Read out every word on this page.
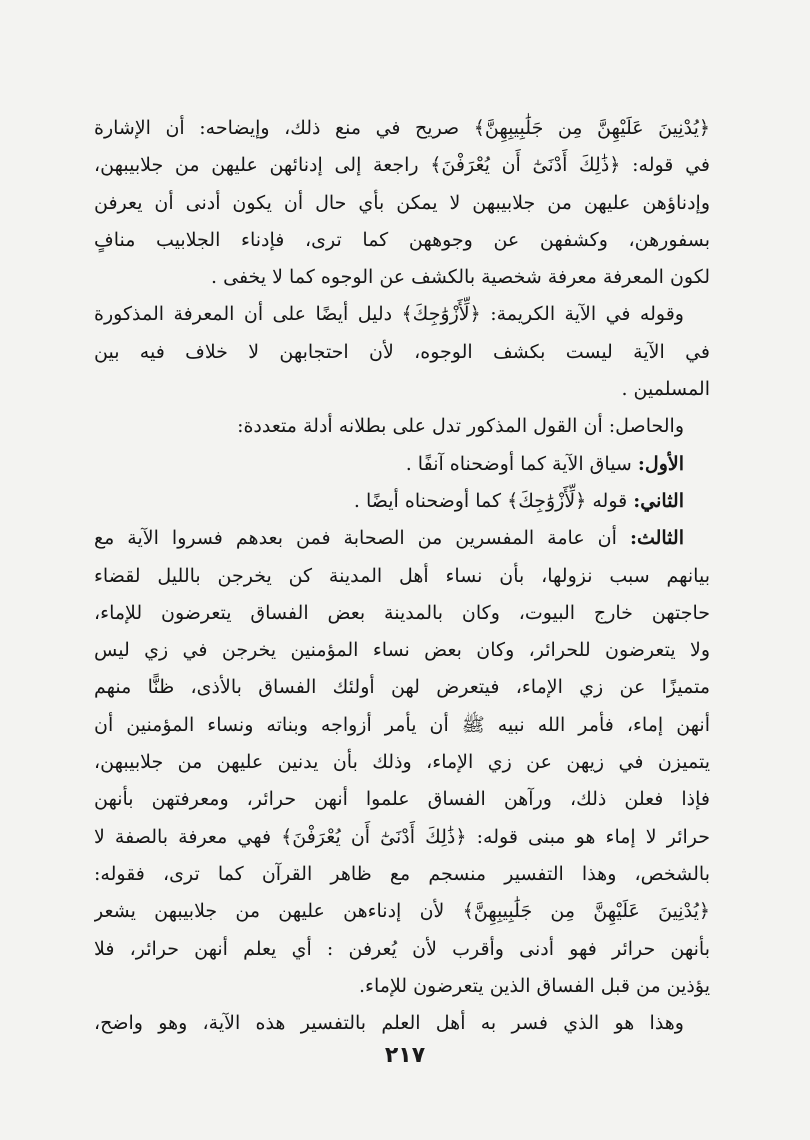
﴿يُدْنِينَ عَلَيْهِنَّ مِن جَلَٰبِيبِهِنَّ﴾ صريح في منع ذلك، وإيضاحه: أن الإشارة
في قوله: ﴿ذَٰلِكَ أَدْنَىٰٓ أَن يُعْرَفْنَ﴾ راجعة إلى إدنائهن عليهن من جلابيبهن،
وإدناؤهن عليهن من جلابيبهن لا يمكن بأي حال أن يكون أدنى أن يعرفن
بسفورهن، وكشفهن عن وجوههن كما ترى، فإدناء الجلابيب منافٍ
لكون المعرفة معرفة شخصية بالكشف عن الوجوه كما لا يخفى .
وقوله في الآية الكريمة: ﴿لِّأَزْوَٰجِكَ﴾ دليل أيضًا على أن المعرفة المذكورة
في الآية ليست بكشف الوجوه، لأن احتجابهن لا خلاف فيه بين
المسلمين .
والحاصل: أن القول المذكور تدل على بطلانه أدلة متعددة:
الأول: سياق الآية كما أوضحناه آنفًا .
الثاني: قوله ﴿لِّأَزْوَٰجِكَ﴾ كما أوضحناه أيضًا .
الثالث: أن عامة المفسرين من الصحابة فمن بعدهم فسروا الآية مع
بيانهم سبب نزولها، بأن نساء أهل المدينة كن يخرجن بالليل لقضاء
حاجتهن خارج البيوت، وكان بالمدينة بعض الفساق يتعرضون للإماء،
ولا يتعرضون للحرائر، وكان بعض نساء المؤمنين يخرجن في زي ليس
متميزًا عن زي الإماء، فيتعرض لهن أولئك الفساق بالأذى، ظنًّا منهم
أنهن إماء، فأمر الله نبيه ﷺ أن يأمر أزواجه وبناته ونساء المؤمنين أن
يتميزن في زيهن عن زي الإماء، وذلك بأن يدنين عليهن من جلابيبهن،
فإذا فعلن ذلك، ورآهن الفساق علموا أنهن حرائر، ومعرفتهن بأنهن
حرائر لا إماء هو مبنى قوله: ﴿ذَٰلِكَ أَدْنَىٰٓ أَن يُعْرَفْنَ﴾ فهي معرفة بالصفة لا
بالشخص، وهذا التفسير منسجم مع ظاهر القرآن كما ترى، فقوله:
﴿يُدْنِينَ عَلَيْهِنَّ مِن جَلَٰبِيبِهِنَّ﴾ لأن إدناءهن عليهن من جلابيبهن يشعر
بأنهن حرائر فهو أدنى وأقرب لأن يُعرفن : أي يعلم أنهن حرائر، فلا
يؤذين من قبل الفساق الذين يتعرضون للإماء.
وهذا هو الذي فسر به أهل العلم بالتفسير هذه الآية، وهو واضح،
٢١٧
